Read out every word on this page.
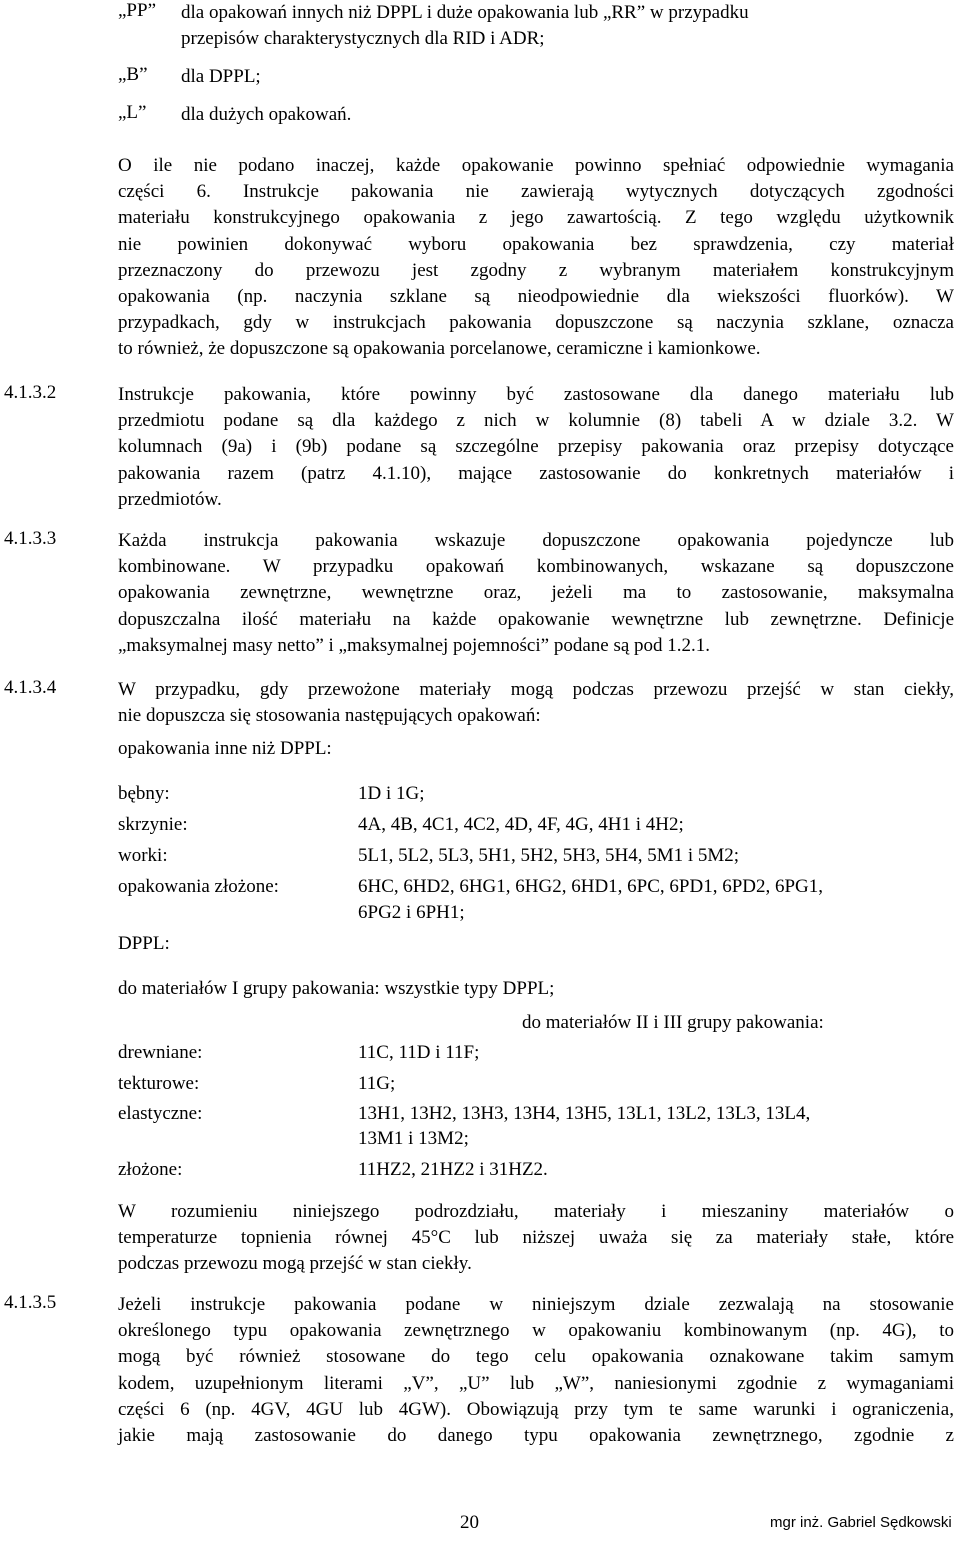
„PP”	dla opakowań innych niż DPPL i duże opakowania lub „RR” w przypadku
przepisów charakterystycznych dla RID i ADR;
„B”	dla DPPL;
„L”	dla dużych opakowań.
O ile nie podano inaczej, każde opakowanie powinno spełniać odpowiednie wymagania
części 6. Instrukcje pakowania nie zawierają wytycznych dotyczących zgodności
materiału konstrukcyjnego opakowania z jego zawartością. Z tego względu użytkownik
nie powinien dokonywać wyboru opakowania bez sprawdzenia, czy materiał
przeznaczony do przewozu jest zgodny z wybranym materiałem konstrukcyjnym
opakowania (np. naczynia szklane są nieodpowiednie dla wiekszości fluorków). W
przypadkach, gdy w instrukcjach pakowania dopuszczone są naczynia szklane, oznacza
to również, że dopuszczone są opakowania porcelanowe, ceramiczne i kamionkowe.
4.1.3.2	Instrukcje pakowania, które powinny być zastosowane dla danego materiału lub
przedmiotu podane są dla każdego z nich w kolumnie (8) tabeli A w dziale 3.2. W
kolumnach (9a) i (9b) podane są szczególne przepisy pakowania oraz przepisy dotyczące
pakowania razem (patrz 4.1.10), mające zastosowanie do konkretnych materiałów i
przedmiotów.
4.1.3.3	Każda instrukcja pakowania wskazuje dopuszczone opakowania pojedyncze lub
kombinowane. W przypadku opakowań kombinowanych, wskazane są dopuszczone
opakowania zewnętrzne, wewnętrzne oraz, jeżeli ma to zastosowanie, maksymalna
dopuszczalna ilość materiału na każde opakowanie wewnętrzne lub zewnętrzne. Definicje
„maksymalnej masy netto” i „maksymalnej pojemności” podane są pod 1.2.1.
4.1.3.4	W przypadku, gdy przewożone materiały mogą podczas przewozu przejść w stan ciekły,
nie dopuszcza się stosowania następujących opakowań:
opakowania inne niż DPPL:
bębny:	1D i 1G;
skrzynie:	4A, 4B, 4C1, 4C2, 4D, 4F, 4G, 4H1 i 4H2;
worki:	5L1, 5L2, 5L3, 5H1, 5H2, 5H3, 5H4, 5M1 i 5M2;
opakowania złożone:	6HC, 6HD2, 6HG1, 6HG2, 6HD1, 6PC, 6PD1, 6PD2, 6PG1,
6PG2 i 6PH1;
DPPL:
do materiałów I grupy pakowania: wszystkie typy DPPL;
do materiałów II i III grupy pakowania:
drewniane:	11C, 11D i 11F;
tekturowe:	11G;
elastyczne:	13H1, 13H2, 13H3, 13H4, 13H5, 13L1, 13L2, 13L3, 13L4,
13M1 i 13M2;
złożone:	11HZ2, 21HZ2 i 31HZ2.
W rozumieniu niniejszego podrozdziału, materiały i mieszaniny materiałów o
temperaturze topnienia równej 45°C lub niższej uważa się za materiały stałe, które
podczas przewozu mogą przejść w stan ciekły.
4.1.3.5	Jeżeli instrukcje pakowania podane w niniejszym dziale zezwalają na stosowanie
określonego typu opakowania zewnętrznego w opakowaniu kombinowanym (np. 4G), to
mogą być również stosowane do tego celu opakowania oznakowane takim samym
kodem, uzupełnionym literami „V”, „U” lub „W”, naniesionymi zgodnie z wymaganiami
części 6 (np. 4GV, 4GU lub 4GW). Obowiązują przy tym te same warunki i ograniczenia,
jakie mają zastosowanie do danego typu opakowania zewnętrznego, zgodnie z
20	mgr inż. Gabriel Sędkowski
